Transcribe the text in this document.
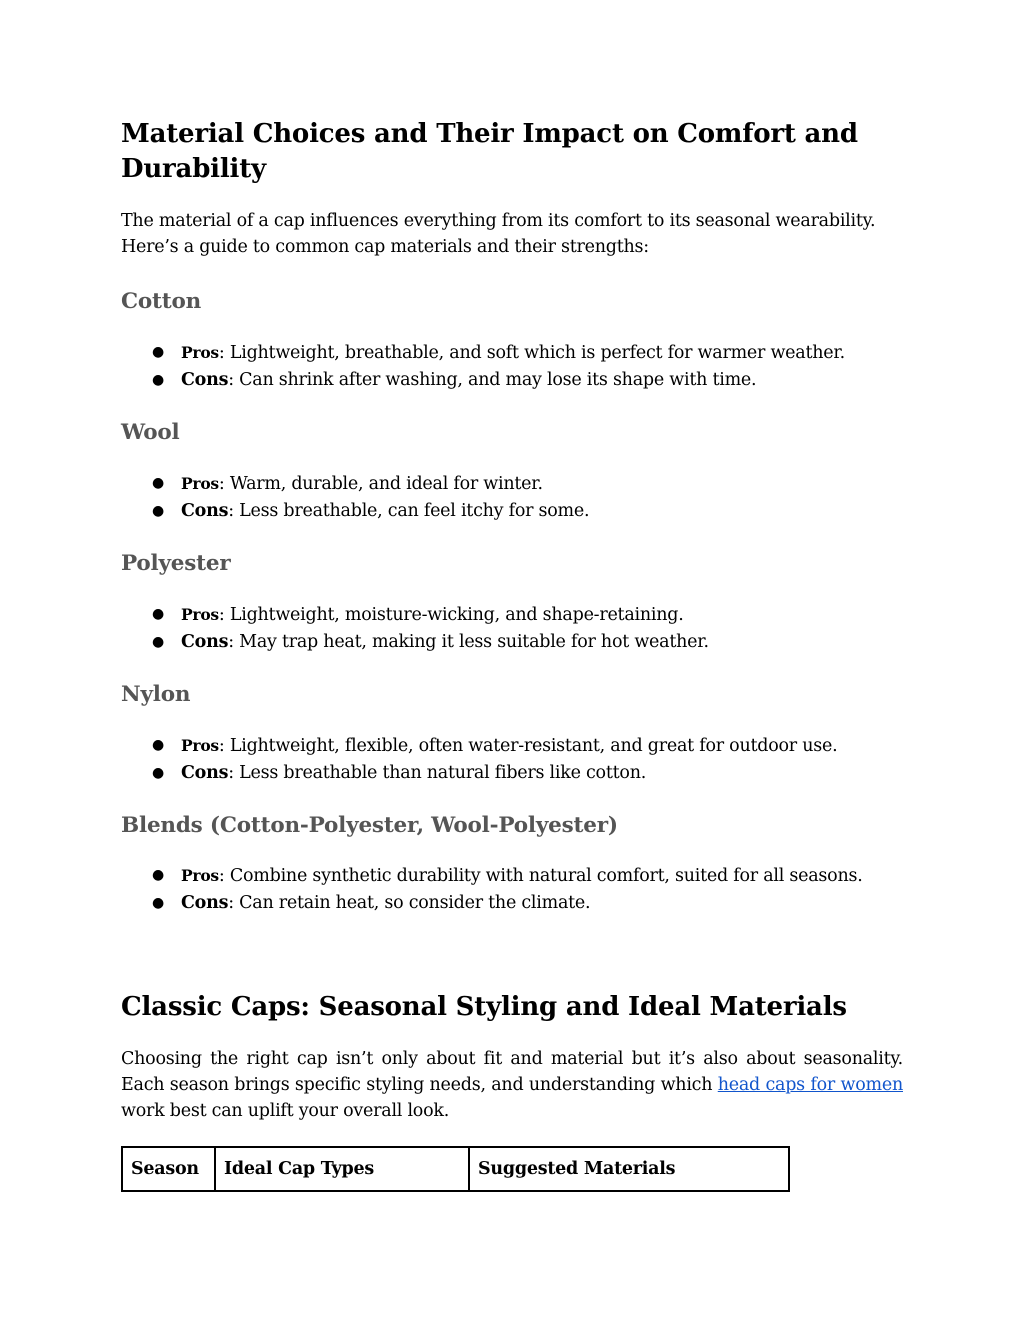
Material Choices and Their Impact on Comfort and Durability

The material of a cap influences everything from its comfort to its seasonal wearability. Here’s a guide to common cap materials and their strengths:

Cotton
● Pros: Lightweight, breathable, and soft which is perfect for warmer weather.
● Cons: Can shrink after washing, and may lose its shape with time.
Wool
● Pros: Warm, durable, and ideal for winter.
● Cons: Less breathable, can feel itchy for some.
Polyester
● Pros: Lightweight, moisture-wicking, and shape-retaining.
● Cons: May trap heat, making it less suitable for hot weather.
Nylon
● Pros: Lightweight, flexible, often water-resistant, and great for outdoor use.
● Cons: Less breathable than natural fibers like cotton.
Blends (Cotton-Polyester, Wool-Polyester)
● Pros: Combine synthetic durability with natural comfort, suited for all seasons.
● Cons: Can retain heat, so consider the climate.
Classic Caps: Seasonal Styling and Ideal Materials

Choosing the right cap isn’t only about fit and material but it’s also about seasonality. Each season brings specific styling needs, and understanding which head caps for women work best can uplift your overall look.

Season	Ideal Cap Types	Suggested Materials
